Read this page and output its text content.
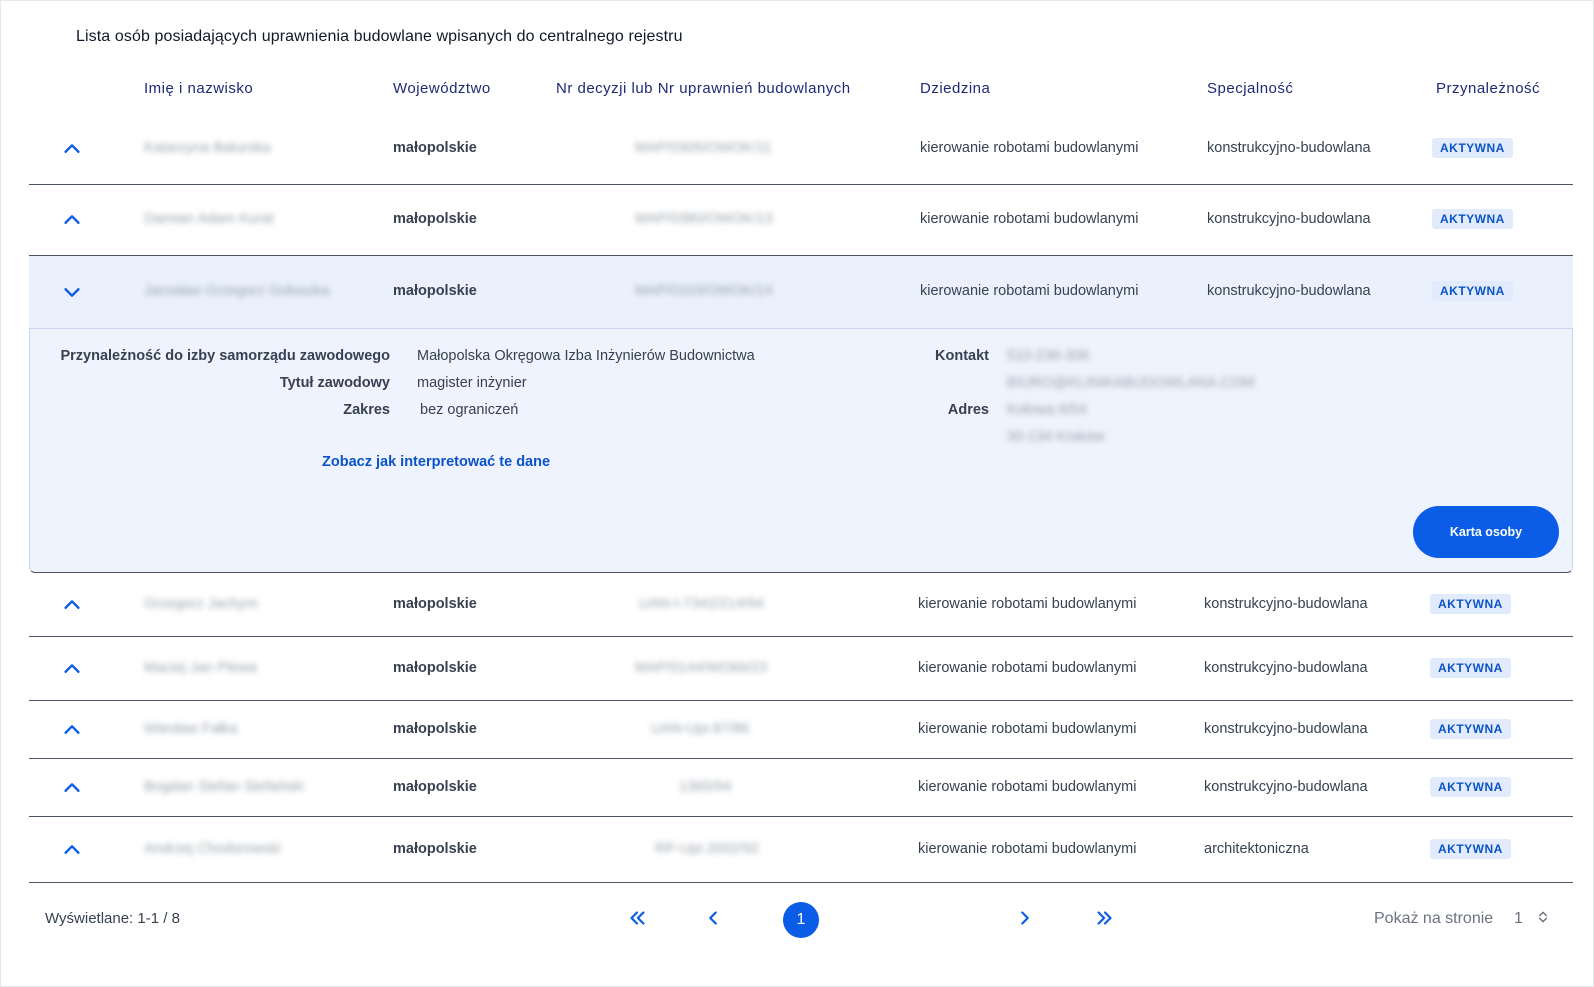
Lista osób posiadających uprawnienia budowlane wpisanych do centralnego rejestru
Imię i nazwisko	Województwo	Nr decyzji lub Nr uprawnień budowlanych	Dziedzina	Specjalność	Przynależność
Katarzyna Baturska	małopolskie	MAP/0305/OWOK/11	kierowanie robotami budowlanymi	konstrukcyjno-budowlana	AKTYWNA
Damian Adam Kurat	małopolskie	MAP/0380/OWOK/13	kierowanie robotami budowlanymi	konstrukcyjno-budowlana	AKTYWNA
Jarosław Grzegorz Gołuszka	małopolskie	MAP/0103/OWOK/14	kierowanie robotami budowlanymi	konstrukcyjno-budowlana	AKTYWNA
Przynależność do izby samorządu zawodowego Małopolska Okręgowa Izba Inżynierów Budownictwa
Tytuł zawodowy magister inżynier
Zakres bez ograniczeń
Zobacz jak interpretować te dane
Kontakt 510-236-306
BIURO@KLINIKABUDOWLANA.COM
Adres Kołowa 6/54
30-134 Kraków
Karta osoby
Grzegorz Jachym	małopolskie	UAN-I-7342/214/94	kierowanie robotami budowlanymi	konstrukcyjno-budowlana	AKTYWNA
Maciej Jan Plewa	małopolskie	MAP/0144/WOkb/23	kierowanie robotami budowlanymi	konstrukcyjno-budowlana	AKTYWNA
Wiesław Fałka	małopolskie	UAN-Upr.87/86	kierowanie robotami budowlanymi	konstrukcyjno-budowlana	AKTYWNA
Bogdan Stefan Stefański	małopolskie	1365/94	kierowanie robotami budowlanymi	konstrukcyjno-budowlana	AKTYWNA
Andrzej Chodorowski	małopolskie	RP-Upr.2002/92	kierowanie robotami budowlanymi	architektoniczna	AKTYWNA
Wyświetlane: 1-1 / 8	1	Pokaż na stronie 1
